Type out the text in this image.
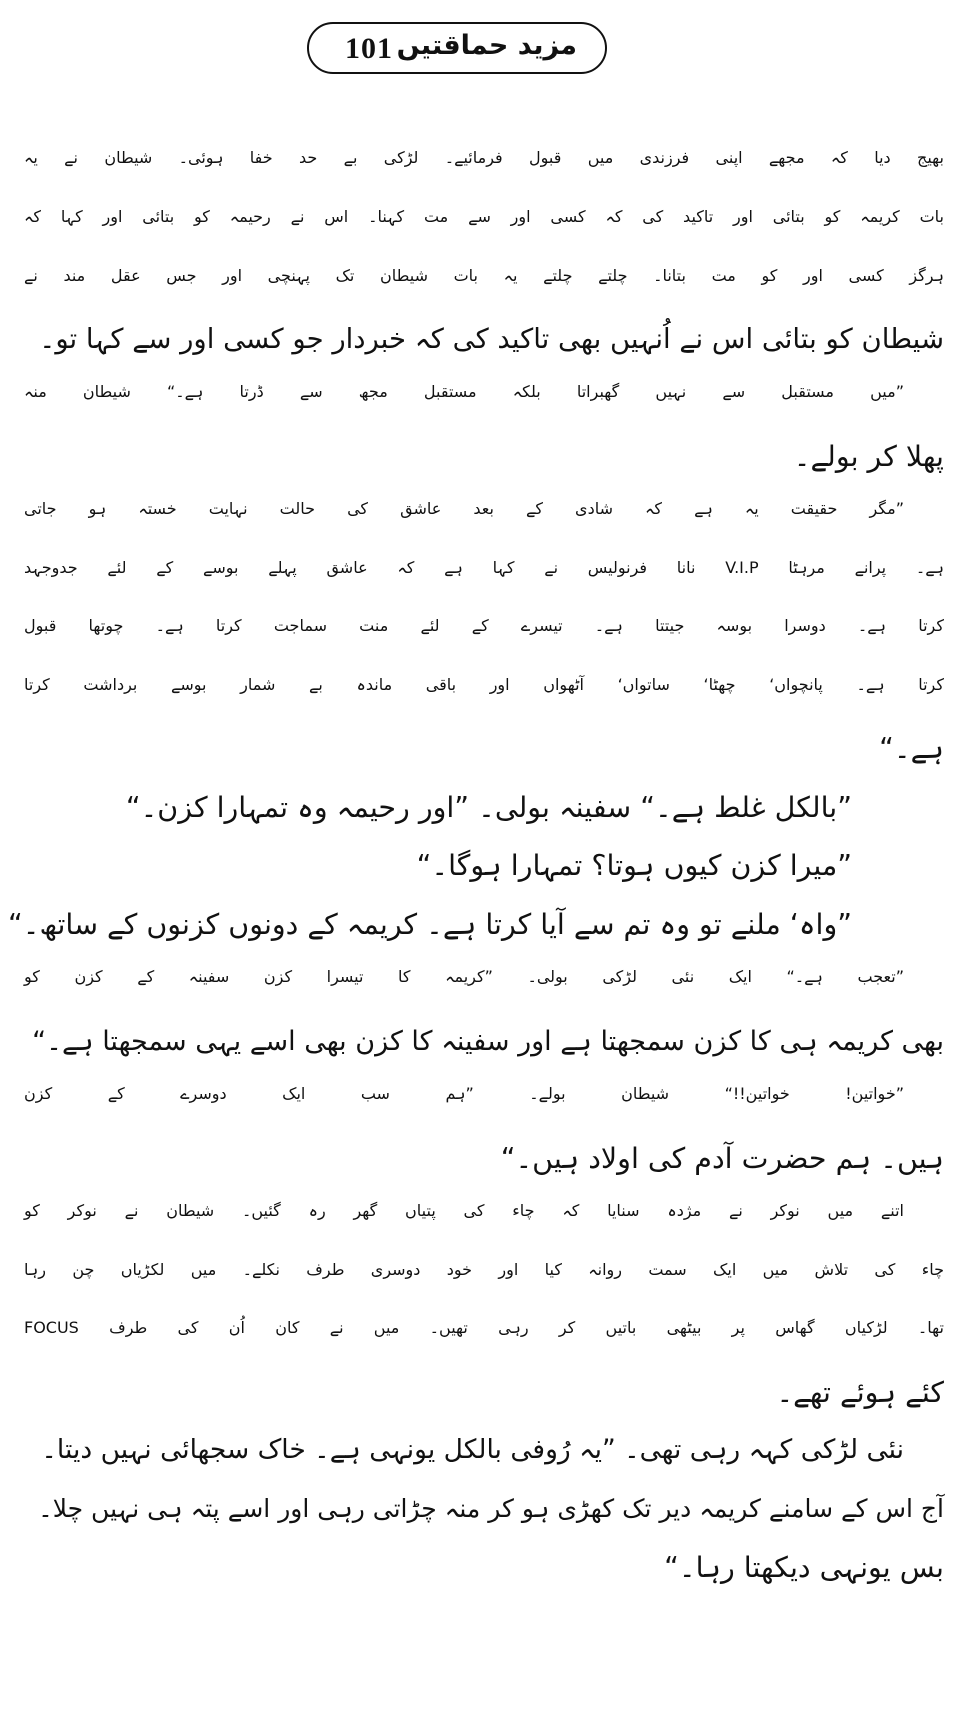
101 مزید حماقتیں
بھیج دیا کہ مجھے اپنی فرزندی میں قبول فرمائیے۔ لڑکی بے حد خفا ہوئی۔ شیطان نے یہ
بات کریمہ کو بتائی اور تاکید کی کہ کسی اور سے مت کہنا۔ اس نے رحیمہ کو بتائی اور کہا کہ
ہرگز کسی اور کو مت بتانا۔ چلتے چلتے یہ بات شیطان تک پہنچی اور جس عقل مند نے
شیطان کو بتائی اس نے اُنہیں بھی تاکید کی کہ خبردار جو کسی اور سے کہا تو۔
”میں مستقبل سے نہیں گھبراتا بلکہ مستقبل مجھ سے ڈرتا ہے۔“ شیطان منہ
پھلا کر بولے۔
”مگر حقیقت یہ ہے کہ شادی کے بعد عاشق کی حالت نہایت خستہ ہو جاتی
ہے۔ پرانے مرہٹا V.I.P نانا فرنولیس نے کہا ہے کہ عاشق پہلے بوسے کے لئے جدوجہد
کرتا ہے۔ دوسرا بوسہ جیتتا ہے۔ تیسرے کے لئے منت سماجت کرتا ہے۔ چوتھا قبول
کرتا ہے۔ پانچواں‘ چھٹا‘ ساتواں‘ آٹھواں اور باقی ماندہ بے شمار بوسے برداشت کرتا
ہے۔“
”بالکل غلط ہے۔“ سفینہ بولی۔ ”اور رحیمہ وہ تمہارا کزن۔“
”میرا کزن کیوں ہوتا؟ تمہارا ہوگا۔“
”واہ‘ ملنے تو وہ تم سے آیا کرتا ہے۔ کریمہ کے دونوں کزنوں کے ساتھ۔“
”تعجب ہے۔“ ایک نئی لڑکی بولی۔ ”کریمہ کا تیسرا کزن سفینہ کے کزن کو
بھی کریمہ ہی کا کزن سمجھتا ہے اور سفینہ کا کزن بھی اسے یہی سمجھتا ہے۔“
”خواتین! خواتین!!“ شیطان بولے۔ ”ہم سب ایک دوسرے کے کزن
ہیں۔ ہم حضرت آدم کی اولاد ہیں۔“
اتنے میں نوکر نے مژدہ سنایا کہ چاء کی پتیاں گھر رہ گئیں۔ شیطان نے نوکر کو
چاء کی تلاش میں ایک سمت روانہ کیا اور خود دوسری طرف نکلے۔ میں لکڑیاں چن رہا
تھا۔ لڑکیاں گھاس پر بیٹھی باتیں کر رہی تھیں۔ میں نے کان اُن کی طرف FOCUS
کئے ہوئے تھے۔
نئی لڑکی کہہ رہی تھی۔ ”یہ رُوفی بالکل یونہی ہے۔ خاک سجھائی نہیں دیتا۔
آج اس کے سامنے کریمہ دیر تک کھڑی ہو کر منہ چڑاتی رہی اور اسے پتہ ہی نہیں چلا۔
بس یونہی دیکھتا رہا۔“
